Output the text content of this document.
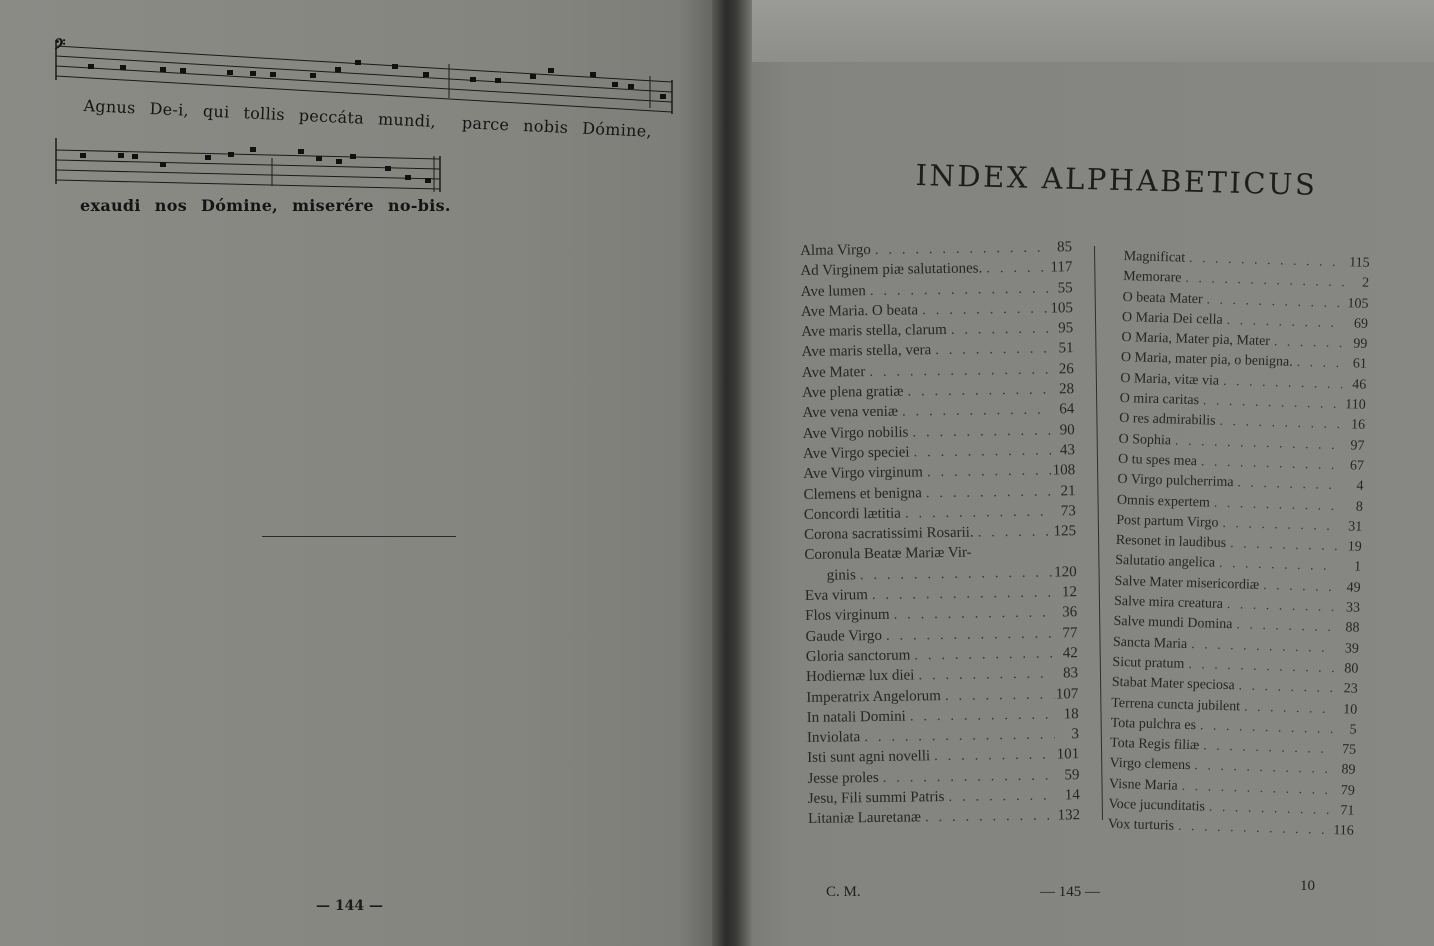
𝄢
Agnus De-i, qui tollis peccáta mundi, parce nobis Dómine,
exaudi nos Dómine, miserére no-bis.
— 144 —
INDEX ALPHABETICUS
Alma Virgo . . .	85
Ad Virginem piæ salutationes. . . .	117
Ave lumen . . .	55
Ave Maria. O beata . . .	105
Ave maris stella, clarum . . .	95
Ave maris stella, vera . . .	51
Ave Mater . . .	26
Ave plena gratiæ . . .	28
Ave vena veniæ . . .	64
Ave Virgo nobilis . . .	90
Ave Virgo speciei . . .	43
Ave Virgo virginum . . .	108
Clemens et benigna . . .	21
Concordi lætitia . . .	73
Corona sacratissimi Rosarii. . . .	125
Coronula Beatæ Mariæ Vir-
ginis . . .	120
Eva virum . . .	12
Flos virginum . . .	36
Gaude Virgo . . .	77
Gloria sanctorum . . .	42
Hodiernæ lux diei . . .	83
Imperatrix Angelorum . . .	107
In natali Domini . . .	18
Inviolata . . .	3
Isti sunt agni novelli . . .	101
Jesse proles . . .	59
Jesu, Fili summi Patris . . .	14
Litaniæ Lauretanæ . . .	132
Magnificat . . .	115
Memorare . . .	2
O beata Mater . . .	105
O Maria Dei cella . . .	69
O Maria, Mater pia, Mater . . .	99
O Maria, mater pia, o benigna. . . .	61
O Maria, vitæ via . . .	46
O mira caritas . . .	110
O res admirabilis . . .	16
O Sophia . . .	97
O tu spes mea . . .	67
O Virgo pulcherrima . . .	4
Omnis expertem . . .	8
Post partum Virgo . . .	31
Resonet in laudibus . . .	19
Salutatio angelica . . .	1
Salve Mater misericordiæ . . .	49
Salve mira creatura . . .	33
Salve mundi Domina . . .	88
Sancta Maria . . .	39
Sicut pratum . . .	80
Stabat Mater speciosa . . .	23
Terrena cuncta jubilent . . .	10
Tota pulchra es . . .	5
Tota Regis filiæ . . .	75
Virgo clemens . . .	89
Visne Maria . . .	79
Voce jucunditatis . . .	71
Vox turturis . . .	116
C. M.	— 145 —	10
